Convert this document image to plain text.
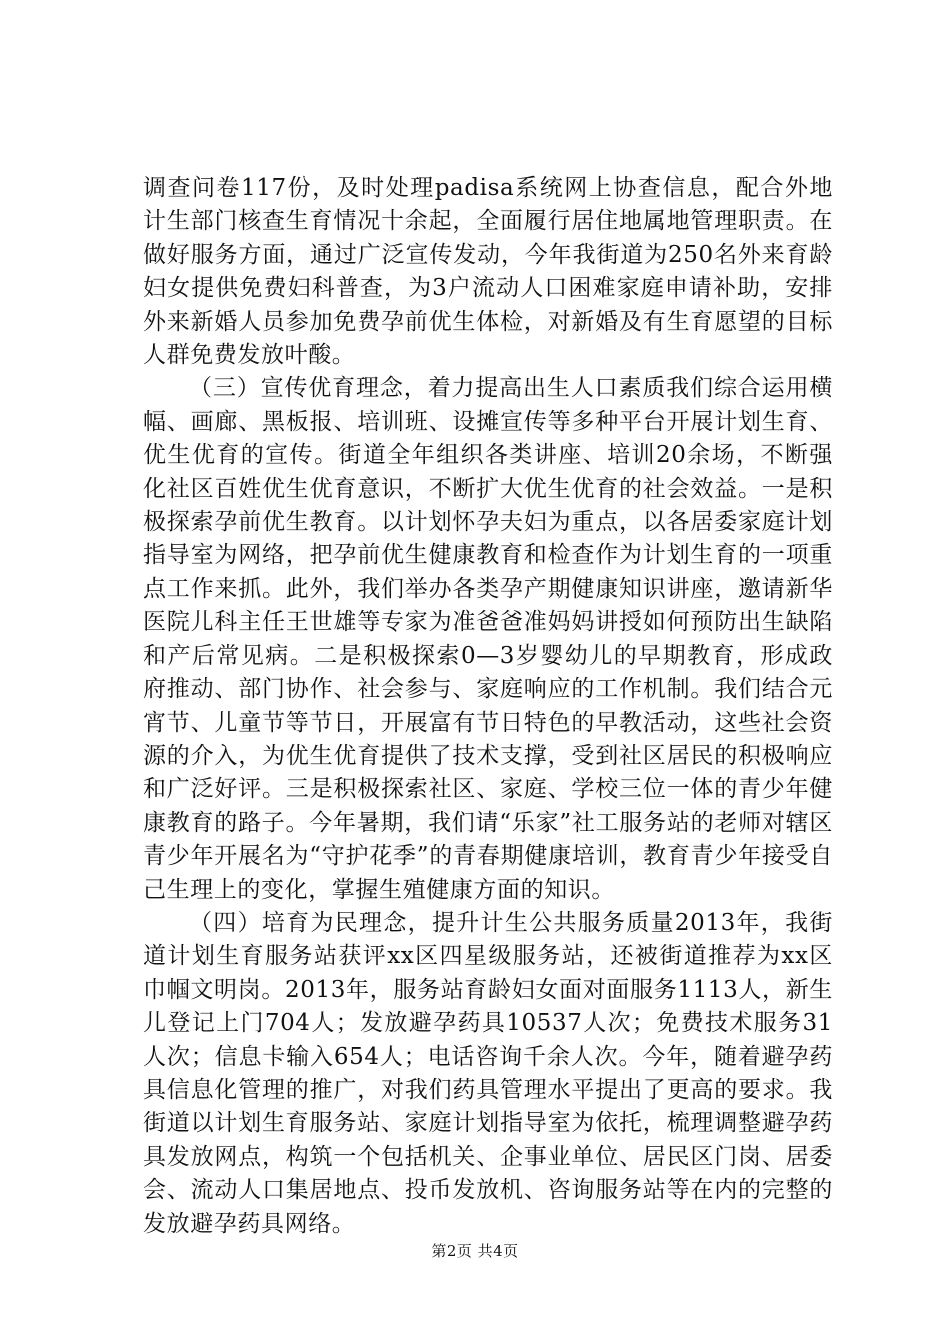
调查问卷117份，及时处理padisa系统网上协查信息，配合外地计生部门核查生育情况十余起，全面履行居住地属地管理职责。在做好服务方面，通过广泛宣传发动，今年我街道为250名外来育龄妇女提供免费妇科普查，为3户流动人口困难家庭申请补助，安排外来新婚人员参加免费孕前优生体检，对新婚及有生育愿望的目标人群免费发放叶酸。

（三）宣传优育理念，着力提高出生人口素质我们综合运用横幅、画廊、黑板报、培训班、设摊宣传等多种平台开展计划生育、优生优育的宣传。街道全年组织各类讲座、培训20余场，不断强化社区百姓优生优育意识，不断扩大优生优育的社会效益。一是积极探索孕前优生教育。以计划怀孕夫妇为重点，以各居委家庭计划指导室为网络，把孕前优生健康教育和检查作为计划生育的一项重点工作来抓。此外，我们举办各类孕产期健康知识讲座，邀请新华医院儿科主任王世雄等专家为准爸爸准妈妈讲授如何预防出生缺陷和产后常见病。二是积极探索0—3岁婴幼儿的早期教育，形成政府推动、部门协作、社会参与、家庭响应的工作机制。我们结合元宵节、儿童节等节日，开展富有节日特色的早教活动，这些社会资源的介入，为优生优育提供了技术支撑，受到社区居民的积极响应和广泛好评。三是积极探索社区、家庭、学校三位一体的青少年健康教育的路子。今年暑期，我们请“乐家”社工服务站的老师对辖区青少年开展名为“守护花季”的青春期健康培训，教育青少年接受自己生理上的变化，掌握生殖健康方面的知识。

（四）培育为民理念，提升计生公共服务质量2013年，我街道计划生育服务站获评xx区四星级服务站，还被街道推荐为xx区巾帼文明岗。2013年，服务站育龄妇女面对面服务1113人，新生儿登记上门704人；发放避孕药具10537人次；免费技术服务31人次；信息卡输入654人；电话咨询千余人次。今年，随着避孕药具信息化管理的推广，对我们药具管理水平提出了更高的要求。我街道以计划生育服务站、家庭计划指导室为依托，梳理调整避孕药具发放网点，构筑一个包括机关、企事业单位、居民区门岗、居委会、流动人口集居地点、投币发放机、咨询服务站等在内的完整的发放避孕药具网络。

第2页 共4页
